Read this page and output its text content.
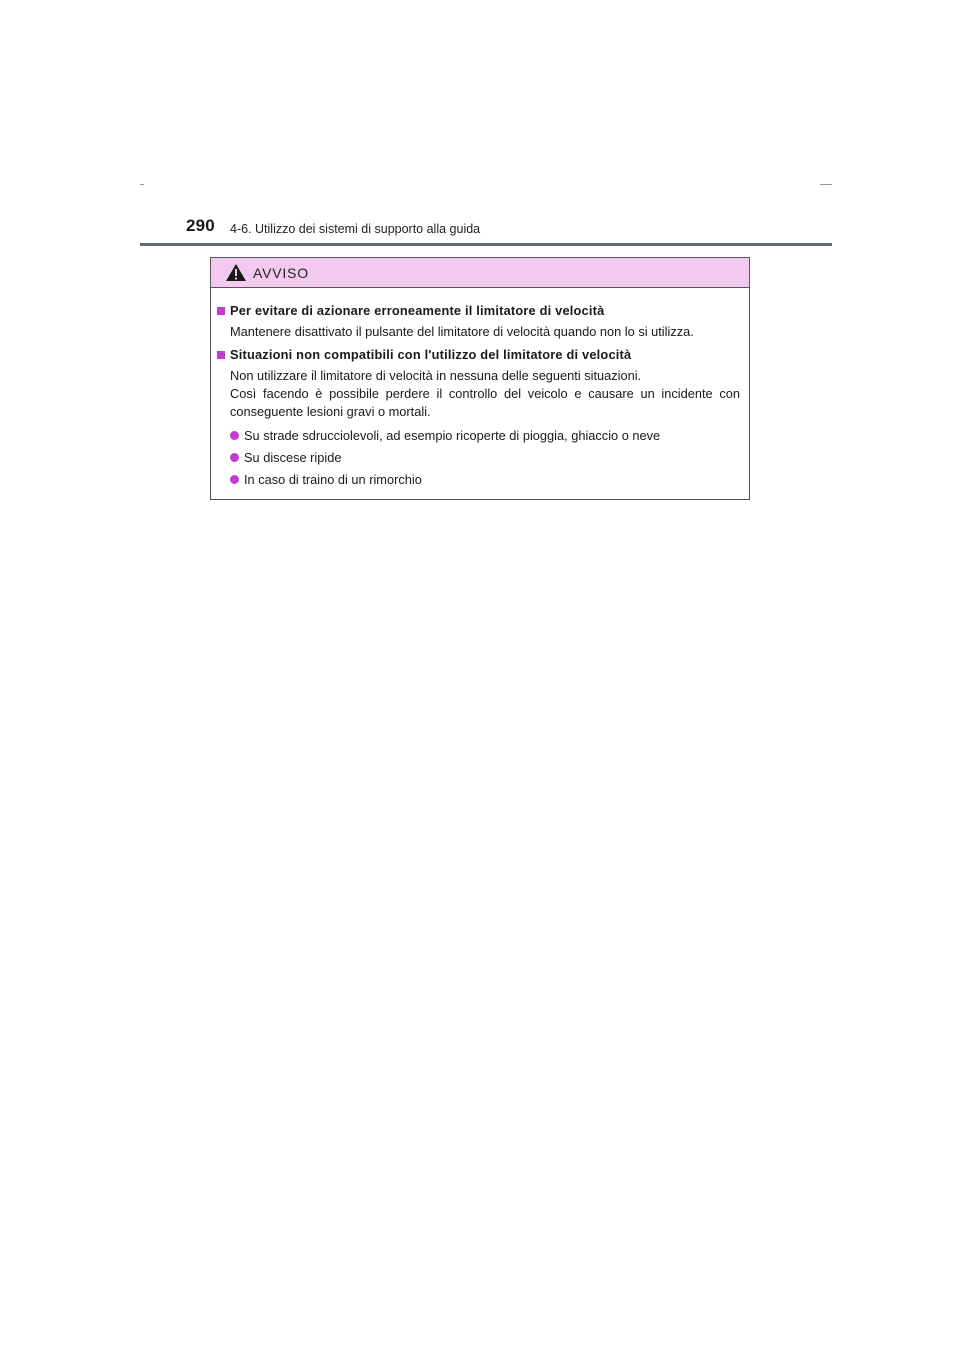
290 4-6. Utilizzo dei sistemi di supporto alla guida
AVVISO
Per evitare di azionare erroneamente il limitatore di velocità
Mantenere disattivato il pulsante del limitatore di velocità quando non lo si utilizza.
Situazioni non compatibili con l'utilizzo del limitatore di velocità
Non utilizzare il limitatore di velocità in nessuna delle seguenti situazioni.
Così facendo è possibile perdere il controllo del veicolo e causare un incidente con conseguente lesioni gravi o mortali.
Su strade sdrucciolevoli, ad esempio ricoperte di pioggia, ghiaccio o neve
Su discese ripide
In caso di traino di un rimorchio
